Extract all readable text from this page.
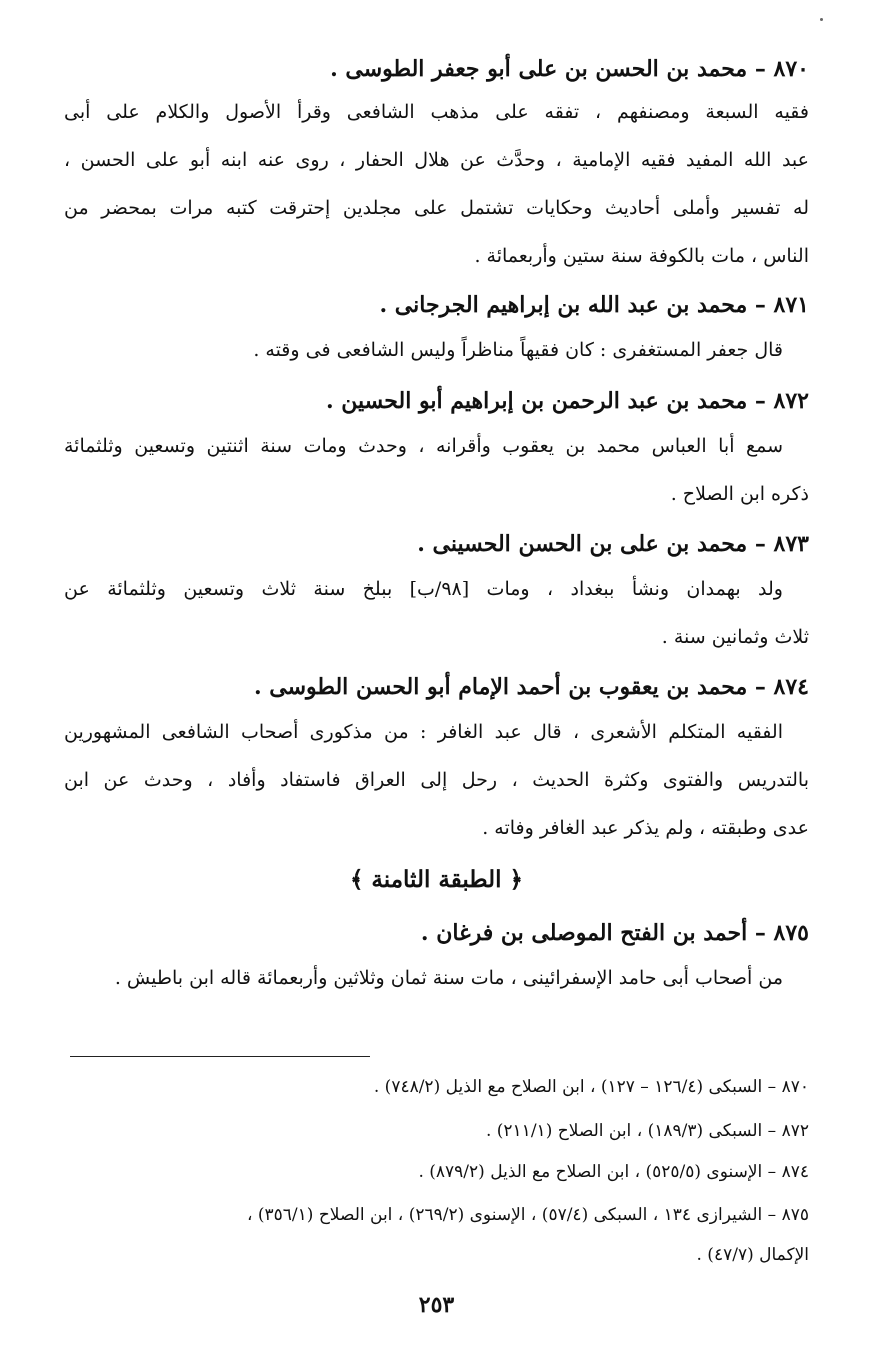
٨٧٠ – محمد بن الحسن بن على أبو جعفر الطوسى .
فقيه السبعة ومصنفهم ، تفقه على مذهب الشافعى وقرأ الأصول والكلام على أبى
عبد الله المفيد فقيه الإمامية ، وحدَّث عن هلال الحفار ، روى عنه ابنه أبو على الحسن ،
له تفسير وأملى أحاديث وحكايات تشتمل على مجلدين إحترقت كتبه مرات بمحضر من
الناس ، مات بالكوفة سنة ستين وأربعمائة .
٨٧١ – محمد بن عبد الله بن إبراهيم الجرجانى .
قال جعفر المستغفرى : كان فقيهاً مناظراً وليس الشافعى فى وقته .
٨٧٢ – محمد بن عبد الرحمن بن إبراهيم أبو الحسين .
سمع أبا العباس محمد بن يعقوب وأقرانه ، وحدث ومات سنة اثنتين وتسعين وثلثمائة
ذكره ابن الصلاح .
٨٧٣ – محمد بن على بن الحسن الحسينى .
ولد بهمدان ونشأ ببغداد ، ومات [٩٨/ب] ببلخ سنة ثلاث وتسعين وثلثمائة عن
ثلاث وثمانين سنة .
٨٧٤ – محمد بن يعقوب بن أحمد الإمام أبو الحسن الطوسى .
الفقيه المتكلم الأشعرى ، قال عبد الغافر : من مذكورى أصحاب الشافعى المشهورين
بالتدريس والفتوى وكثرة الحديث ، رحل إلى العراق فاستفاد وأفاد ، وحدث عن ابن
عدى وطبقته ، ولم يذكر عبد الغافر وفاته .
﴿ الطبقة الثامنة ﴾
٨٧٥ – أحمد بن الفتح الموصلى بن فرغان .
من أصحاب أبى حامد الإسفرائينى ، مات سنة ثمان وثلاثين وأربعمائة قاله ابن باطيش .
٨٧٠ – السبكى (١٢٦/٤ – ١٢٧) ، ابن الصلاح مع الذيل (٧٤٨/٢) .
٨٧٢ – السبكى (١٨٩/٣) ، ابن الصلاح (٢١١/١) .
٨٧٤ – الإسنوى (٥٢٥/٥) ، ابن الصلاح مع الذيل (٨٧٩/٢) .
٨٧٥ – الشيرازى ١٣٤ ، السبكى (٥٧/٤) ، الإسنوى (٢٦٩/٢) ، ابن الصلاح (٣٥٦/١) ،
الإكمال (٤٧/٧) .
٢٥٣
